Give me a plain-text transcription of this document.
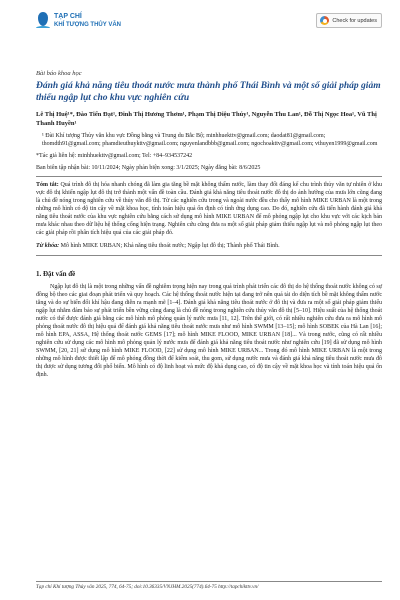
TẠP CHÍ
KHÍ TƯỢNG THỦY VĂN
Check for updates
Bài báo khoa học
Đánh giá khả năng tiêu thoát nước mưa thành phố Thái Bình và một số giải pháp giảm thiểu ngập lụt cho khu vực nghiên cứu
Lê Thị Huệ¹*, Đào Tiến Đạt¹, Đinh Thị Hương Thơm¹, Phạm Thị Diệu Thúy¹, Nguyễn Thu Lan¹, Đỗ Thị Ngọc Hoa¹, Vũ Thị Thanh Huyền¹
¹ Đài Khí tượng Thủy văn khu vực Đồng bằng và Trung du Bắc Bộ; minhhuekttv@gmail.com; daodat81@gmail.com; thomdth91@gmail.com; phamdieuthuykttv@gmail.com; nguyenlandbbb@gmail.com; ngochoakttv@gmail.com; vthuyen1999@gmail.com
*Tác giả liên hệ: minhhuekttv@gmail.com; Tel: +84–934537242
Ban biên tập nhận bài: 10/11/2024; Ngày phản biện xong: 3/1/2025; Ngày đăng bài: 8/6/2025

Tóm tắt: Quá trình đô thị hóa nhanh chóng đã làm gia tăng bề mặt không thấm nước, làm thay đổi đáng kể chu trình thủy văn tự nhiên ở khu vực đô thị khiến ngập lụt đô thị trở thành một vấn đề toàn cầu. Đánh giá khả năng tiêu thoát nước đô thị do ảnh hưởng của mưa lớn cũng đang là chủ đề nóng trong nghiên cứu về thủy văn đô thị. Từ các nghiên cứu trong và ngoài nước đều cho thấy mô hình MIKE URBAN là một trong những mô hình có độ tin cậy về mặt khoa học, tính toán hiệu quả ổn định có tính ứng dụng cao. Do đó, nghiên cứu đã tiến hành đánh giá khả năng tiêu thoát nước của khu vực nghiên cứu bằng cách sử dụng mô hình MIKE URBAN để mô phỏng ngập lụt cho khu vực với các kịch bản mưa khác nhau theo dữ liệu hệ thống cống hiện trạng. Nghiên cứu cũng đưa ra một số giải pháp giảm thiểu ngập lụt và mô phỏng ngập lụt theo các giải pháp rồi phân tích hiệu quả của các giải pháp đó.

Từ khóa: Mô hình MIKE URBAN; Khả năng tiêu thoát nước; Ngập lụt đô thị; Thành phố Thái Bình.

1. Đặt vấn đề

Ngập lụt đô thị là một trong những vấn đề nghiêm trọng hiện nay trong quá trình phát triển các đô thị do hệ thống thoát nước không có sự đồng bộ theo các giai đoạn phát triển và quy hoạch. Các hệ thống thoát nước hiện tại đang trở nên quá tải do diện tích bề mặt không thấm nước tăng và do sự biến đổi khí hậu đang diễn ra mạnh mẽ [1–4]. Đánh giá khả năng tiêu thoát nước ở đô thị và đưa ra một số giải pháp giảm thiểu ngập lụt nhằm đảm bảo sự phát triển bền vững cũng đang là chủ đề nóng trong nghiên cứu thủy văn đô thị [5–10]. Hiệu suất của hệ thống thoát nước có thể được đánh giá bằng các mô hình mô phỏng quản lý nước mưa [11, 12]. Trên thế giới, có rất nhiều nghiên cứu đưa ra mô hình mô phỏng thoát nước đô thị hiệu quả để đánh giá khả năng tiêu thoát nước mưa như mô hình SWMM [13–15]; mô hình SOBEK của Hà Lan [16]; mô hình EPA, ASSA, Hệ thống thoát nước GEMS [17]; mô hình MIKE FLOOD, MIKE URBAN [18]... Và trong nước, cũng có rất nhiều nghiên cứu sử dụng các mô hình mô phỏng quản lý nước mưa để đánh giá khả năng tiêu thoát nước như nghiên cứu [19] đã sử dụng mô hình SWMM, [20, 21] sử dụng mô hình MIKE FLOOD, [22] sử dụng mô hình MIKE URBAN... Trong đó mô hình MIKE URBAN là một trong những mô hình được thiết lập để mô phỏng đồng thời để kiểm soát, thu gom, sử dụng nước mưa và đánh giá khả năng tiêu thoát nước mưa đô thị được sử dụng tương đối phổ biến. Mô hình có độ linh hoạt và mức độ khả dụng cao, có độ tin cậy về mặt khoa học và tính toán hiệu quả ổn định.

Tạp chí Khí tượng Thủy văn 2025, 774, 64-75; doi:10.36335/VNJHM.2025(774).64-75 http://tapchikttv.vn/
